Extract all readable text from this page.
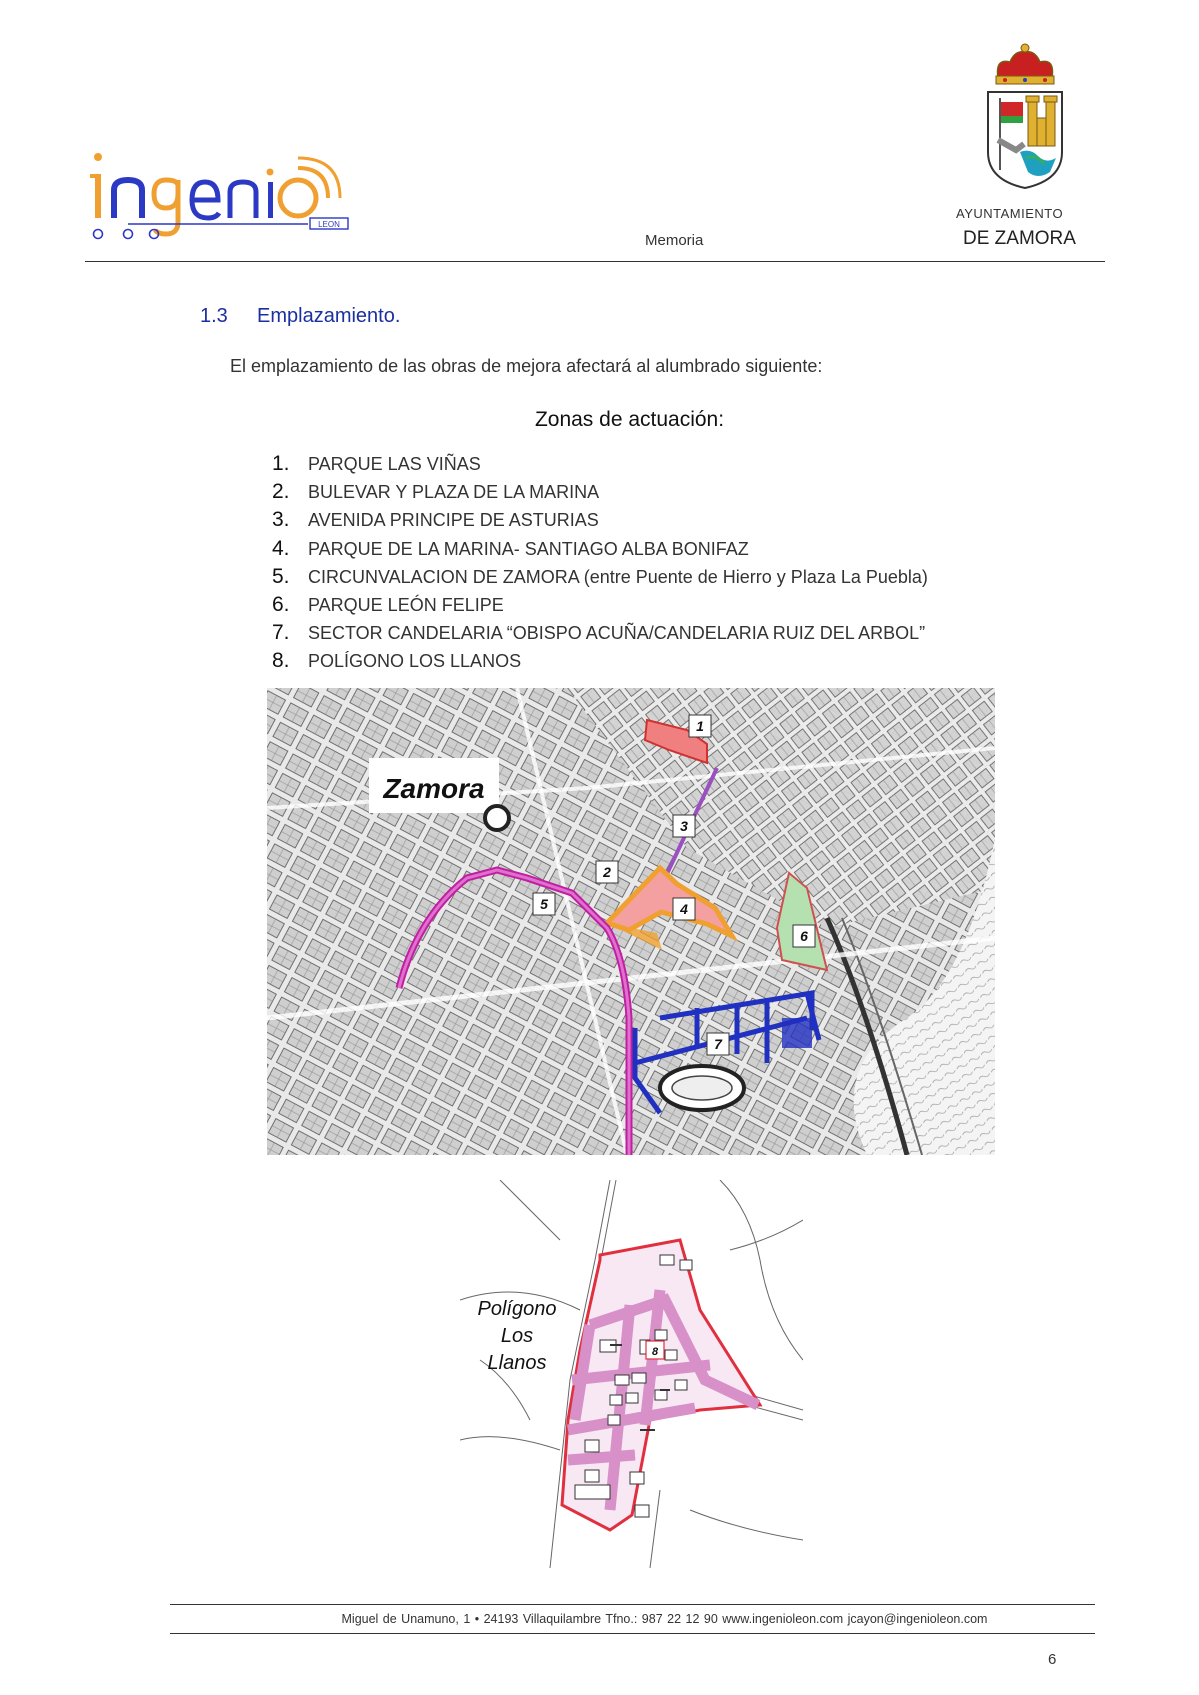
LEON
Memoria
AYUNTAMIENTO
DE ZAMORA
1.3 Emplazamiento.
El emplazamiento de las obras de mejora afectará al alumbrado siguiente:
Zonas de actuación:
1.	PARQUE LAS VIÑAS
2.	BULEVAR Y PLAZA DE LA MARINA
3.	AVENIDA PRINCIPE DE ASTURIAS
4.	PARQUE DE LA MARINA- SANTIAGO ALBA BONIFAZ
5.	CIRCUNVALACION DE ZAMORA (entre Puente de Hierro y Plaza La Puebla)
6.	PARQUE LEÓN FELIPE
7.	SECTOR CANDELARIA “OBISPO ACUÑA/CANDELARIA RUIZ DEL ARBOL”
8.	POLÍGONO LOS LLANOS
Zamora
1
2
3
4
5
6
7
8
Polígono
Los
Llanos
Miguel de Unamuno, 1 • 24193 Villaquilambre Tfno.: 987 22 12 90 www.ingenioleon.com jcayon@ingenioleon.com
6
